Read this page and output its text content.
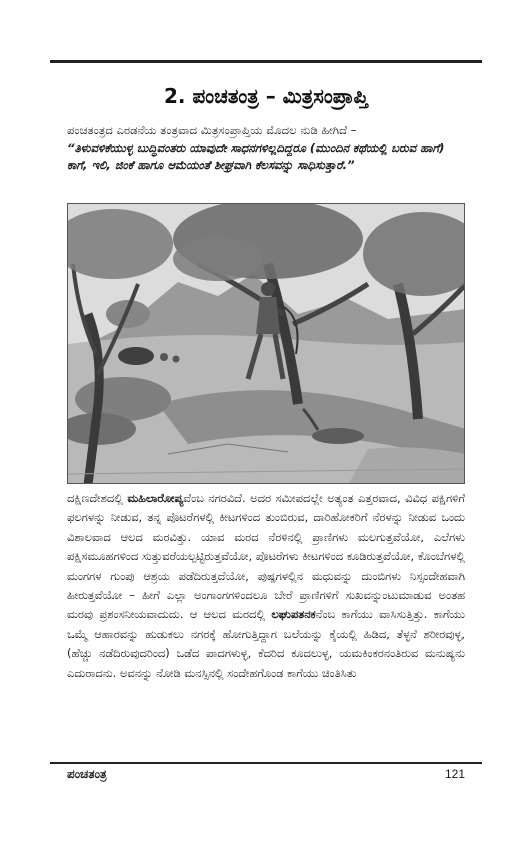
2. ಪಂಚತಂತ್ರ – ಮಿತ್ರಸಂಪ್ರಾಪ್ತಿ
ಪಂಚತಂತ್ರದ ಎರಡನೆಯ ತಂತ್ರವಾದ ಮಿತ್ರಸಂಪ್ರಾಪ್ತಿಯ ಮೊದಲ ನುಡಿ ಹೀಗಿದೆ –
“ತಿಳುವಳಿಕೆಯುಳ್ಳ ಬುದ್ಧಿವಂತರು ಯಾವುದೇ ಸಾಧನಗಳಿಲ್ಲದಿದ್ದರೂ (ಮುಂದಿನ ಕಥೆಯಲ್ಲಿ ಬರುವ ಹಾಗೆ) ಕಾಗೆ, ಇಲಿ, ಜಿಂಕೆ ಹಾಗೂ ಆಮೆಯಂತೆ ಶೀಘ್ರವಾಗಿ ಕೆಲಸವನ್ನು ಸಾಧಿಸುತ್ತಾರೆ.”
ದಕ್ಷಿಣದೇಶದಲ್ಲಿ ಮಹಿಲಾರೋಪ್ಯವೆಂಬ ನಗರವಿದೆ. ಅದರ ಸಮೀಪದಲ್ಲೇ ಅತ್ಯಂತ ಎತ್ತರವಾದ, ವಿವಿಧ ಪಕ್ಷಿಗಳಿಗೆ ಫಲಗಳನ್ನು ನೀಡುವ, ತನ್ನ ಪೊಟರೆಗಳಲ್ಲಿ ಕೀಟಗಳಿಂದ ತುಂಬಿರುವ, ದಾರಿಹೋಕರಿಗೆ ನೆರಳನ್ನು ನೀಡುವ ಒಂದು ವಿಶಾಲವಾದ ಆಲದ ಮರವಿತ್ತು. ಯಾವ ಮರದ ನೆರಳಿನಲ್ಲಿ ಪ್ರಾಣಿಗಳು ಮಲಗುತ್ತವೆಯೋ, ಎಲೆಗಳು ಪಕ್ಷಿಸಮೂಹಗಳಿಂದ ಸುತ್ತುವರೆಯಲ್ಪಟ್ಟಿರುತ್ತವೆಯೋ, ಪೊಟರೆಗಳು ಕೀಟಗಳಿಂದ ಕೂಡಿರುತ್ತವೆಯೋ, ಕೊಂಬೆಗಳಲ್ಲಿ ಮಂಗಗಳ ಗುಂಪು ಆಶ್ರಯ ಪಡೆದಿರುತ್ತದೆಯೋ, ಪುಷ್ಪಗಳಲ್ಲಿನ ಮಧುವನ್ನು ದುಂಬಿಗಳು ನಿಸ್ಸಂದೇಹವಾಗಿ ಹೀರುತ್ತವೆಯೋ – ಹೀಗೆ ಎಲ್ಲಾ ಅಂಗಾಂಗಗಳಿಂದಲೂ ಬೇರೆ ಪ್ರಾಣಿಗಳಿಗೆ ಸುಖವನ್ನುಂಟುಮಾಡುವ ಅಂತಹ ಮರವು ಪ್ರಶಂಸನೀಯವಾದುದು. ಆ ಆಲದ ಮರದಲ್ಲಿ ಲಘುಪತನಕನೆಂಬ ಕಾಗೆಯು ವಾಸಿಸುತ್ತಿತ್ತು. ಕಾಗೆಯು ಒಮ್ಮೆ ಆಹಾರವನ್ನು ಹುಡುಕಲು ನಗರಕ್ಕೆ ಹೋಗುತ್ತಿದ್ದಾಗ ಬಲೆಯನ್ನು ಕೈಯಲ್ಲಿ ಹಿಡಿದ, ತೆಳ್ಳನೆ ಶರೀರವುಳ್ಳ, (ಹೆಚ್ಚು ನಡೆದಿರುವುದರಿಂದ) ಒಡೆದ ಪಾದಗಳುಳ್ಳ, ಕೆದರಿದ ಕೂದಲುಳ್ಳ, ಯಮಕಿಂಕರನಂತಿರುವ ಮನುಷ್ಯನು ಎದುರಾದನು. ಅವನನ್ನು ನೋಡಿ ಮನಸ್ಸಿನಲ್ಲಿ ಸಂದೇಹಗೊಂಡ ಕಾಗೆಯು ಚಿಂತಿಸಿತು
ಪಂಚತಂತ್ರ	121
